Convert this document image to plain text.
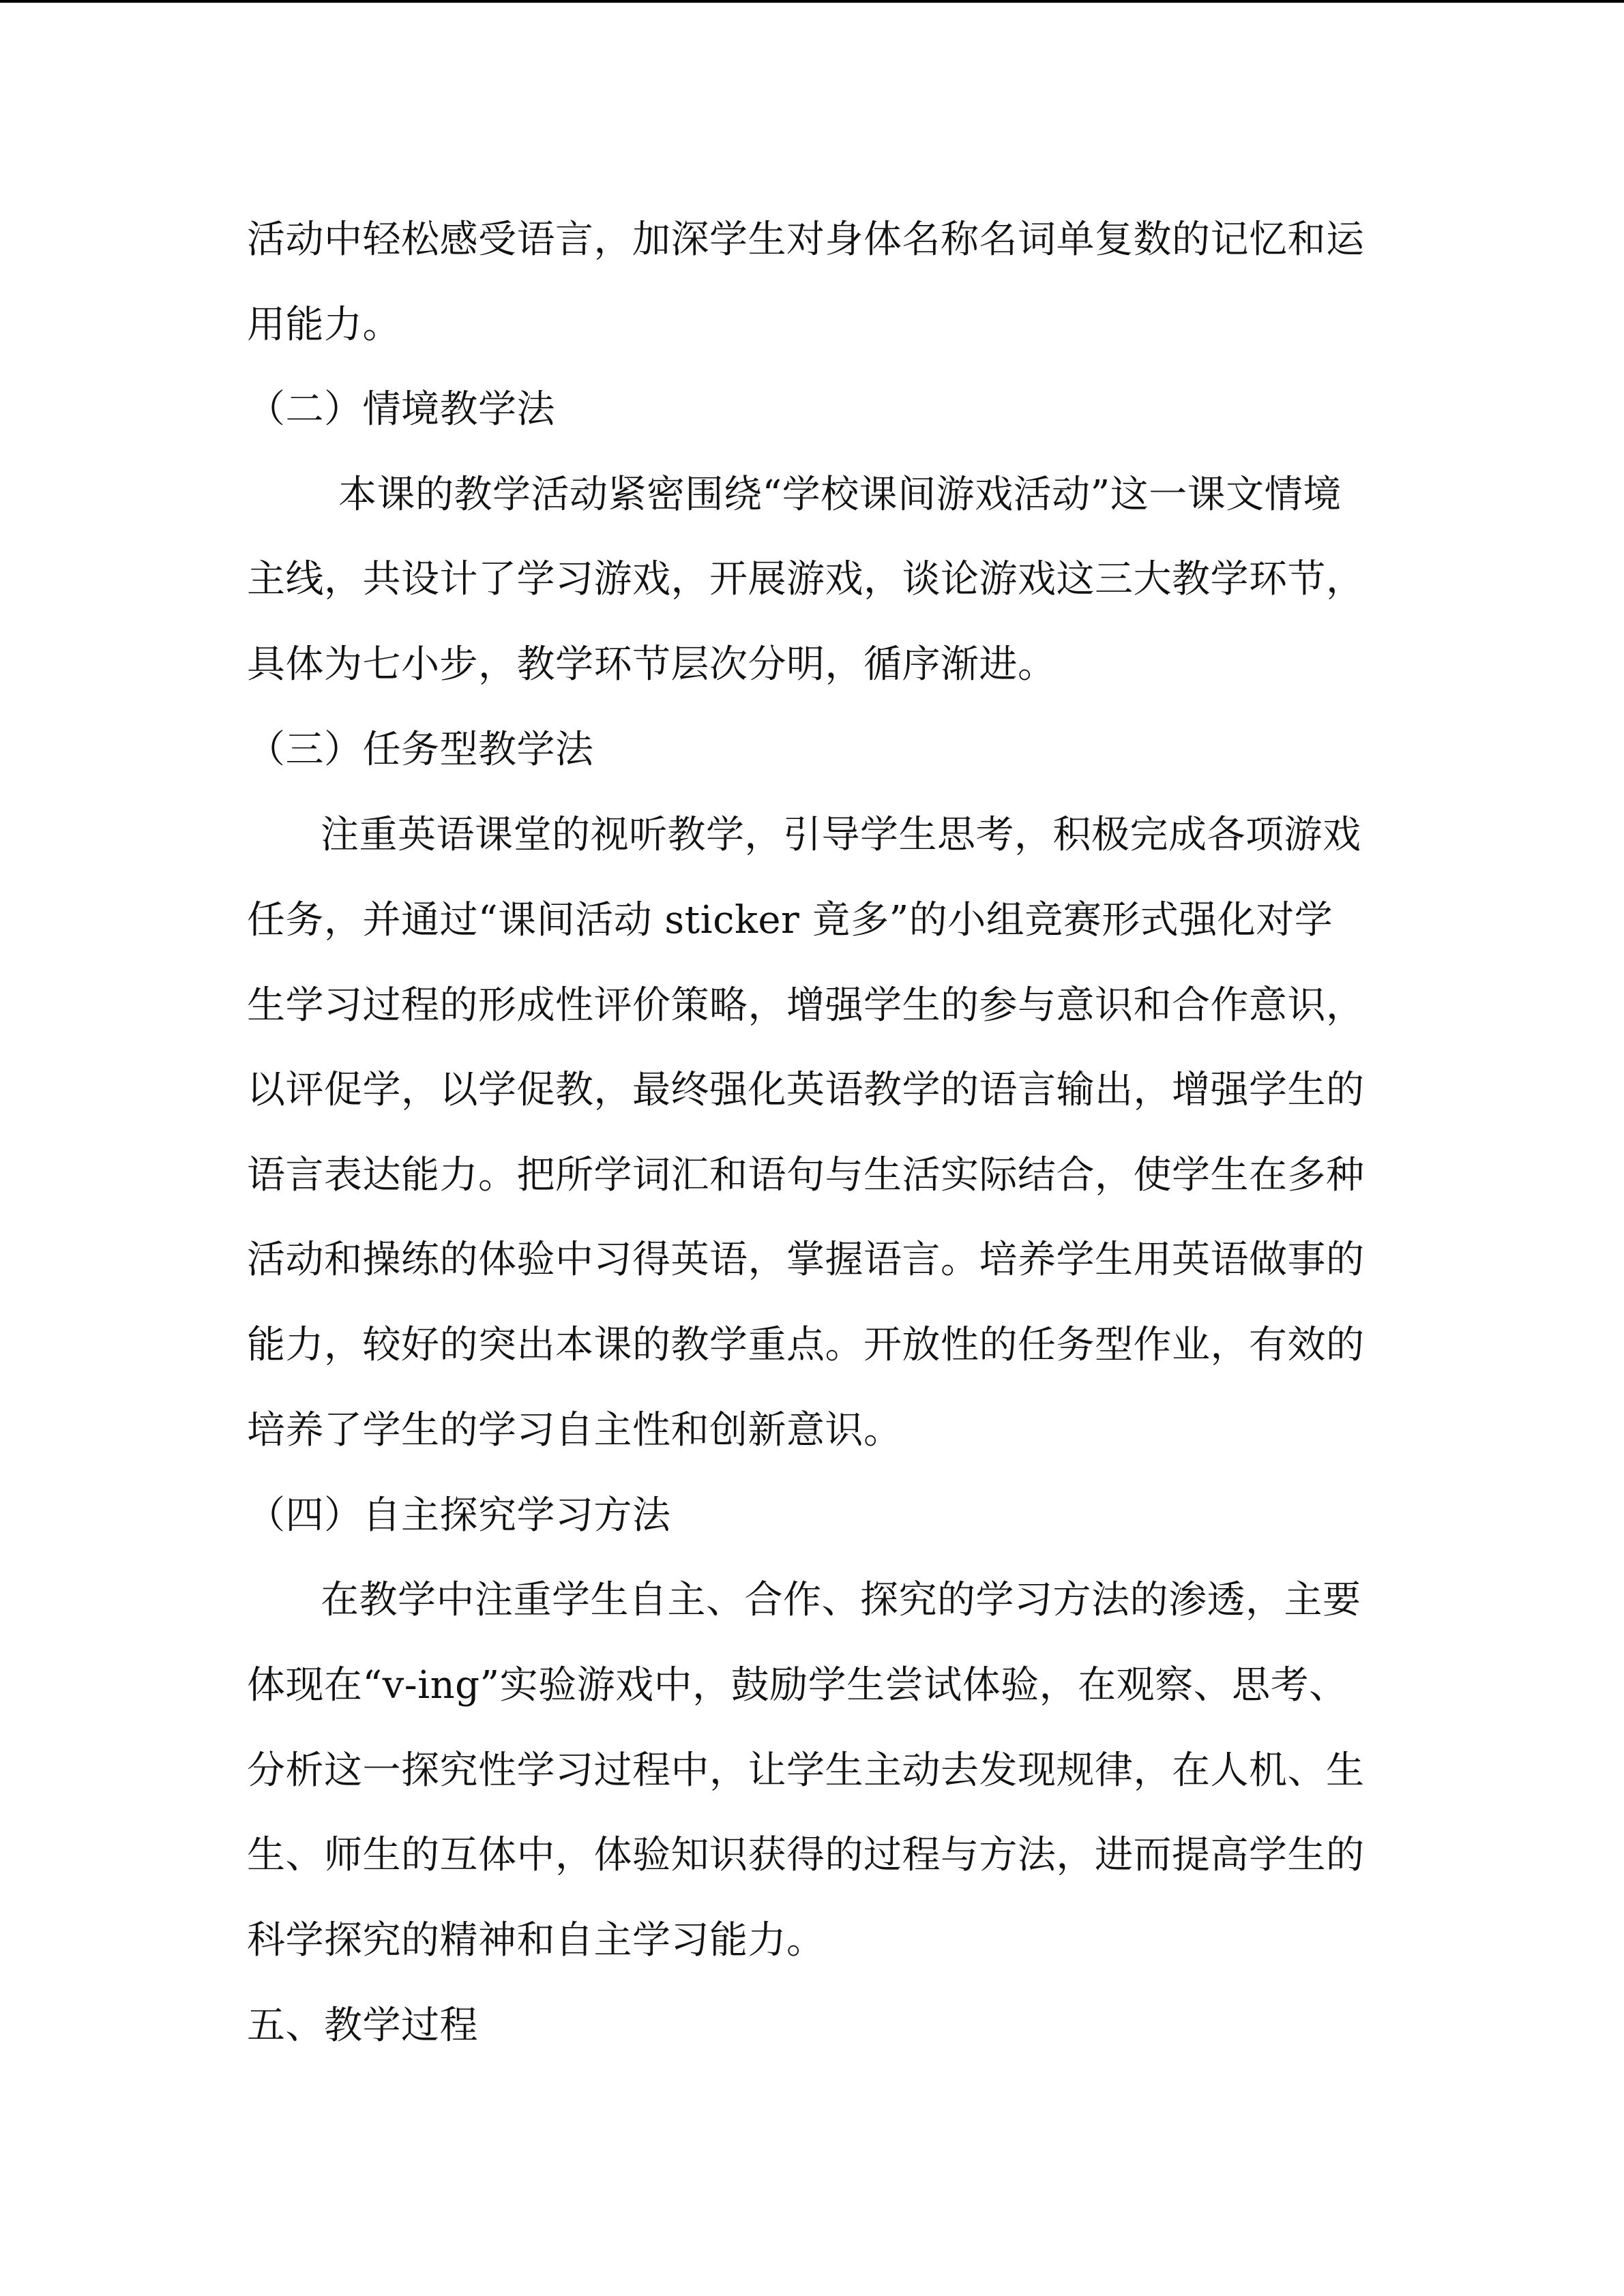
活动中轻松感受语言，加深学生对身体名称名词单复数的记忆和运
用能力。
（二）情境教学法
本课的教学活动紧密围绕“学校课间游戏活动”这一课文情境
主线，共设计了学习游戏，开展游戏，谈论游戏这三大教学环节，
具体为七小步，教学环节层次分明，循序渐进。
（三）任务型教学法
注重英语课堂的视听教学，引导学生思考，积极完成各项游戏
任务，并通过“课间活动 sticker 竟多”的小组竞赛形式强化对学
生学习过程的形成性评价策略，增强学生的参与意识和合作意识，
以评促学，以学促教，最终强化英语教学的语言输出，增强学生的
语言表达能力。把所学词汇和语句与生活实际结合，使学生在多种
活动和操练的体验中习得英语，掌握语言。培养学生用英语做事的
能力，较好的突出本课的教学重点。开放性的任务型作业，有效的
培养了学生的学习自主性和创新意识。
（四）自主探究学习方法
在教学中注重学生自主、合作、探究的学习方法的渗透，主要
体现在“v-ing”实验游戏中，鼓励学生尝试体验，在观察、思考、
分析这一探究性学习过程中，让学生主动去发现规律，在人机、生
生、师生的互体中，体验知识获得的过程与方法，进而提高学生的
科学探究的精神和自主学习能力。
五、教学过程
